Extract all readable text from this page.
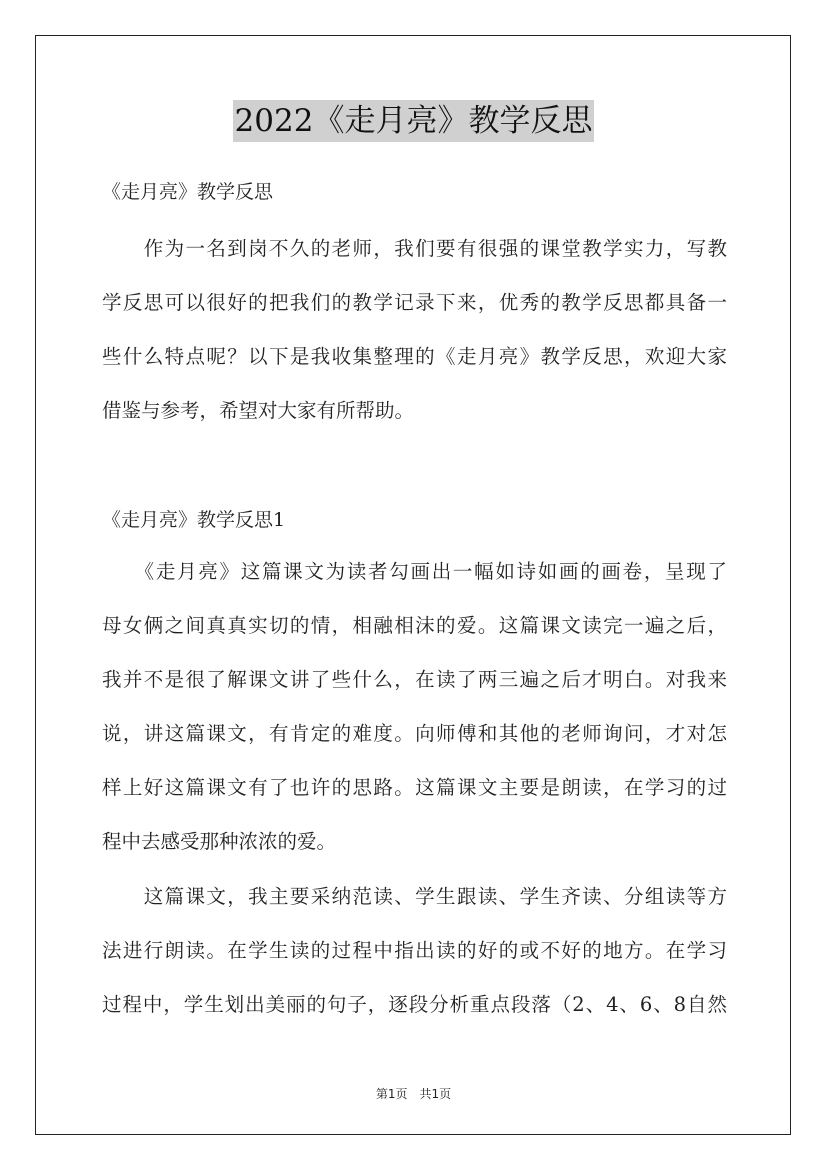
2022《走月亮》教学反思
《走月亮》教学反思
　　作为一名到岗不久的老师，我们要有很强的课堂教学实力，写教
学反思可以很好的把我们的教学记录下来，优秀的教学反思都具备一
些什么特点呢？以下是我收集整理的《走月亮》教学反思，欢迎大家
借鉴与参考，希望对大家有所帮助。
《走月亮》教学反思1
　　《走月亮》这篇课文为读者勾画出一幅如诗如画的画卷，呈现了
母女俩之间真真实切的情，相融相沫的爱。这篇课文读完一遍之后，
我并不是很了解课文讲了些什么，在读了两三遍之后才明白。对我来
说，讲这篇课文，有肯定的难度。向师傅和其他的老师询问，才对怎
样上好这篇课文有了也许的思路。这篇课文主要是朗读，在学习的过
程中去感受那种浓浓的爱。
　　这篇课文，我主要采纳范读、学生跟读、学生齐读、分组读等方
法进行朗读。在学生读的过程中指出读的好的或不好的地方。在学习
过程中，学生划出美丽的句子，逐段分析重点段落（2、4、6、8自然
第1页　共1页
